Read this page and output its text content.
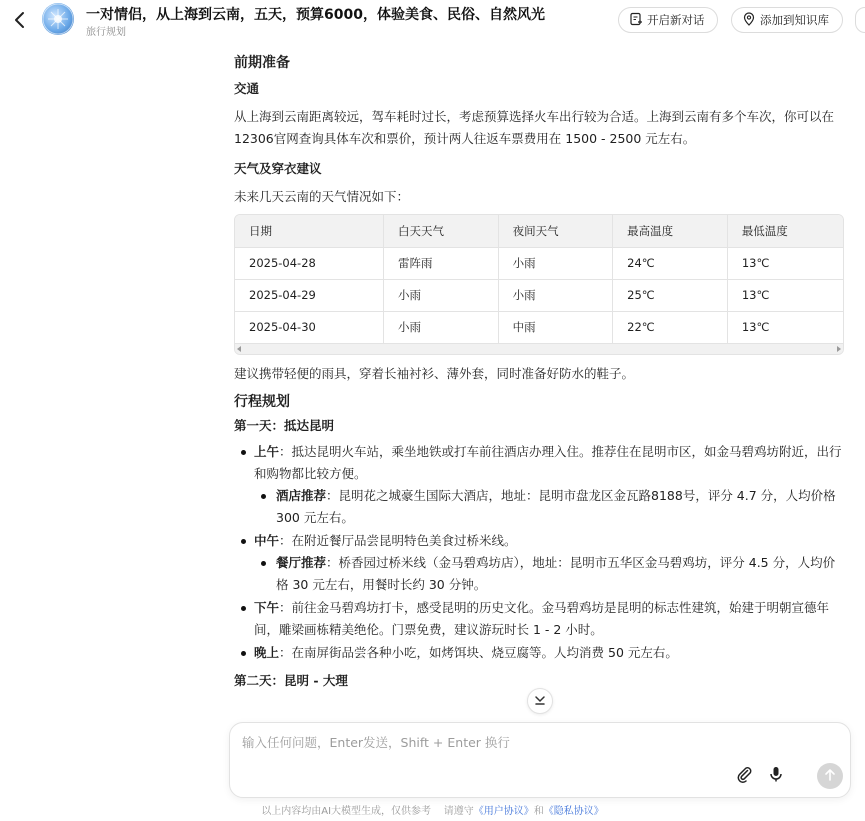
一对情侣，从上海到云南，五天，预算6000，体验美食、民俗、自然风光
旅行规划
开启新对话	添加到知识库
前期准备
交通
从上海到云南距离较远，驾车耗时过长，考虑预算选择火车出行较为合适。上海到云南有多个车次，你可以在12306官网查询具体车次和票价，预计两人往返车票费用在 1500 - 2500 元左右。
天气及穿衣建议
未来几天云南的天气情况如下：
日期	白天天气	夜间天气	最高温度	最低温度
2025-04-28	雷阵雨	小雨	24℃	13℃
2025-04-29	小雨	小雨	25℃	13℃
2025-04-30	小雨	中雨	22℃	13℃
建议携带轻便的雨具，穿着长袖衬衫、薄外套，同时准备好防水的鞋子。
行程规划
第一天：抵达昆明
上午：抵达昆明火车站，乘坐地铁或打车前往酒店办理入住。推荐住在昆明市区，如金马碧鸡坊附近，出行和购物都比较方便。
酒店推荐：昆明花之城豪生国际大酒店，地址：昆明市盘龙区金瓦路8188号，评分 4.7 分，人均价格 300 元左右。
中午：在附近餐厅品尝昆明特色美食过桥米线。
餐厅推荐：桥香园过桥米线（金马碧鸡坊店），地址：昆明市五华区金马碧鸡坊，评分 4.5 分，人均价格 30 元左右，用餐时长约 30 分钟。
下午：前往金马碧鸡坊打卡，感受昆明的历史文化。金马碧鸡坊是昆明的标志性建筑，始建于明朝宣德年间，雕梁画栋精美绝伦。门票免费，建议游玩时长 1 - 2 小时。
晚上：在南屏街品尝各种小吃，如烤饵块、烧豆腐等。人均消费 50 元左右。
第二天：昆明 - 大理
输入任何问题，Enter发送，Shift + Enter 换行
以上内容均由AI大模型生成，仅供参考 请遵守《用户协议》和《隐私协议》
